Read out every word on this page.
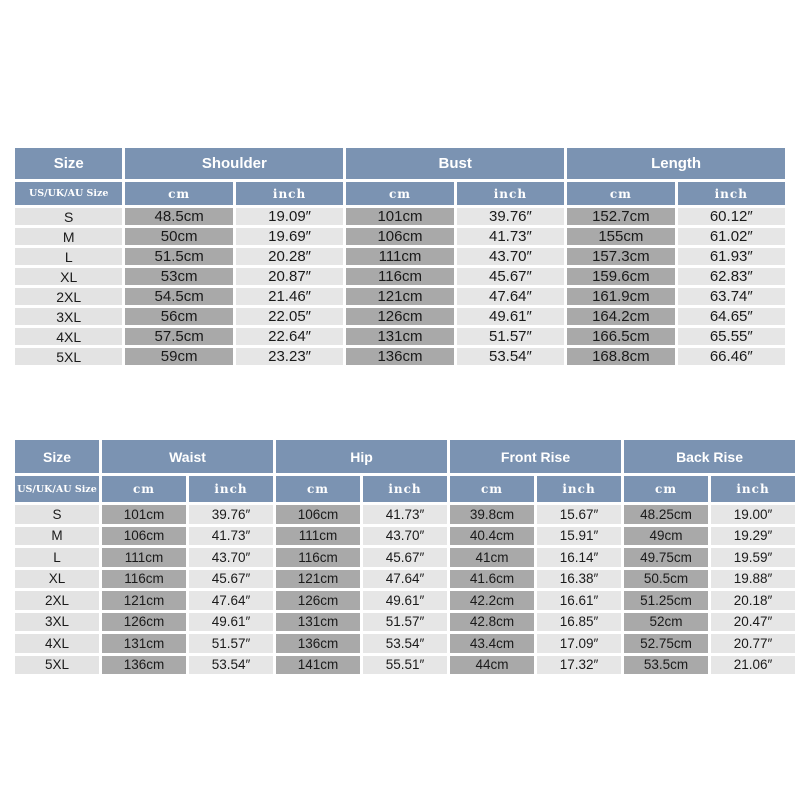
Size	Shoulder		Bust		Length	
US/UK/AU Size	cm	inch	cm	inch	cm	inch
S	48.5cm	19.09″	101cm	39.76″	152.7cm	60.12″
M	50cm	19.69″	106cm	41.73″	155cm	61.02″
L	51.5cm	20.28″	111cm	43.70″	157.3cm	61.93″
XL	53cm	20.87″	116cm	45.67″	159.6cm	62.83″
2XL	54.5cm	21.46″	121cm	47.64″	161.9cm	63.74″
3XL	56cm	22.05″	126cm	49.61″	164.2cm	64.65″
4XL	57.5cm	22.64″	131cm	51.57″	166.5cm	65.55″
5XL	59cm	23.23″	136cm	53.54″	168.8cm	66.46″
Size	Waist		Hip		Front Rise		Back Rise	
US/UK/AU Size	cm	inch	cm	inch	cm	inch	cm	inch
S	101cm	39.76″	106cm	41.73″	39.8cm	15.67″	48.25cm	19.00″
M	106cm	41.73″	111cm	43.70″	40.4cm	15.91″	49cm	19.29″
L	111cm	43.70″	116cm	45.67″	41cm	16.14″	49.75cm	19.59″
XL	116cm	45.67″	121cm	47.64″	41.6cm	16.38″	50.5cm	19.88″
2XL	121cm	47.64″	126cm	49.61″	42.2cm	16.61″	51.25cm	20.18″
3XL	126cm	49.61″	131cm	51.57″	42.8cm	16.85″	52cm	20.47″
4XL	131cm	51.57″	136cm	53.54″	43.4cm	17.09″	52.75cm	20.77″
5XL	136cm	53.54″	141cm	55.51″	44cm	17.32″	53.5cm	21.06″
